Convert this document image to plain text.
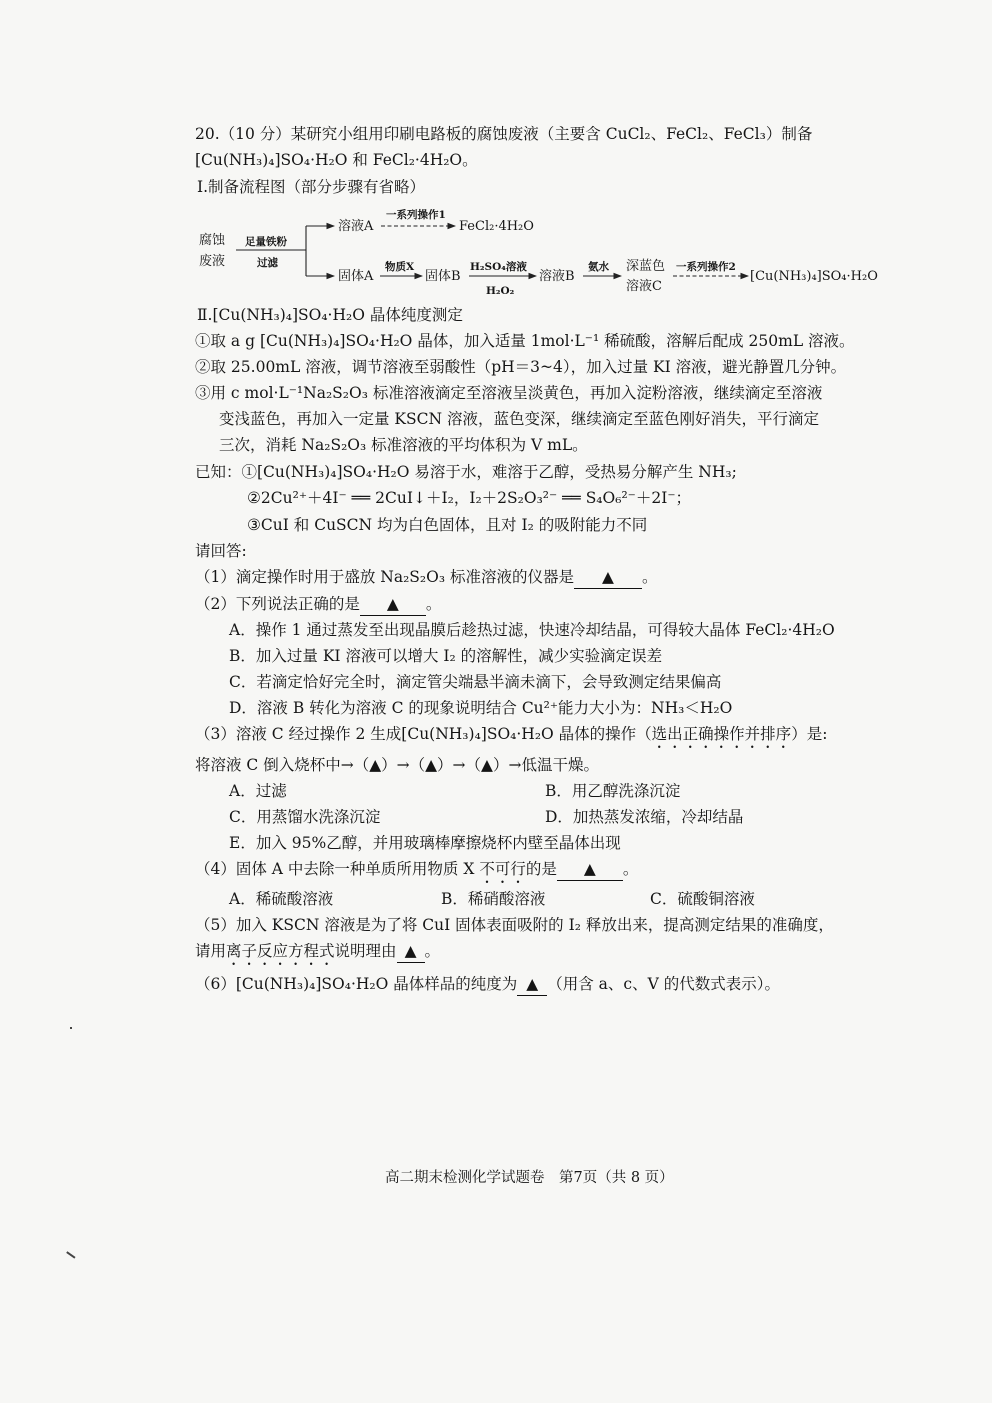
20.（10 分）某研究小组用印刷电路板的腐蚀废液（主要含 CuCl₂、FeCl₂、FeCl₃）制备
[Cu(NH₃)₄]SO₄·H₂O 和 FeCl₂·4H₂O。
Ⅰ.制备流程图（部分步骤有省略）
腐蚀
废液
足量铁粉
过滤
溶液A
一系列操作1
FeCl₂·4H₂O
固体A
物质X
固体B
H₂SO₄溶液
H₂O₂
溶液B
氨水 深蓝色
溶液C
一系列操作2
[Cu(NH₃)₄]SO₄·H₂O
Ⅱ.[Cu(NH₃)₄]SO₄·H₂O 晶体纯度测定
①取 a g [Cu(NH₃)₄]SO₄·H₂O 晶体，加入适量 1mol·L⁻¹ 稀硫酸，溶解后配成 250mL 溶液。
②取 25.00mL 溶液，调节溶液至弱酸性（pH＝3~4），加入过量 KI 溶液，避光静置几分钟。
③用 c mol·L⁻¹Na₂S₂O₃ 标准溶液滴定至溶液呈淡黄色，再加入淀粉溶液，继续滴定至溶液
变浅蓝色，再加入一定量 KSCN 溶液，蓝色变深，继续滴定至蓝色刚好消失，平行滴定
三次，消耗 Na₂S₂O₃ 标准溶液的平均体积为 V mL。
已知：①[Cu(NH₃)₄]SO₄·H₂O 易溶于水，难溶于乙醇，受热易分解产生 NH₃;
②2Cu²⁺＋4I⁻ ══ 2CuI↓＋I₂，I₂＋2S₂O₃²⁻ ══ S₄O₆²⁻＋2I⁻；
③CuI 和 CuSCN 均为白色固体，且对 I₂ 的吸附能力不同
请回答:
（1）滴定操作时用于盛放 Na₂S₂O₃ 标准溶液的仪器是 ▲ 。
（2）下列说法正确的是 ▲ 。
A．操作 1 通过蒸发至出现晶膜后趁热过滤，快速冷却结晶，可得较大晶体 FeCl₂·4H₂O
B．加入过量 KI 溶液可以增大 I₂ 的溶解性，减少实验滴定误差
C．若滴定恰好完全时，滴定管尖端悬半滴未滴下，会导致测定结果偏高
D．溶液 B 转化为溶液 C 的现象说明结合 Cu²⁺能力大小为：NH₃＜H₂O
（3）溶液 C 经过操作 2 生成[Cu(NH₃)₄]SO₄·H₂O 晶体的操作（选出正确操作并排序）是:
将溶液 C 倒入烧杯中→（▲）→（▲）→（▲）→低温干燥。
A．过滤	B．用乙醇洗涤沉淀
C．用蒸馏水洗涤沉淀	D．加热蒸发浓缩，冷却结晶
E．加入 95%乙醇，并用玻璃棒摩擦烧杯内壁至晶体出现
（4）固体 A 中去除一种单质所用物质 X 不可行的是 ▲ 。
A．稀硫酸溶液	B．稀硝酸溶液	C．硫酸铜溶液
（5）加入 KSCN 溶液是为了将 CuI 固体表面吸附的 I₂ 释放出来，提高测定结果的准确度，
请用离子反应方程式说明理由 ▲ 。
（6）[Cu(NH₃)₄]SO₄·H₂O 晶体样品的纯度为 ▲ （用含 a、c、V 的代数式表示）。
高二期末检测化学试题卷　第7页（共 8 页）
